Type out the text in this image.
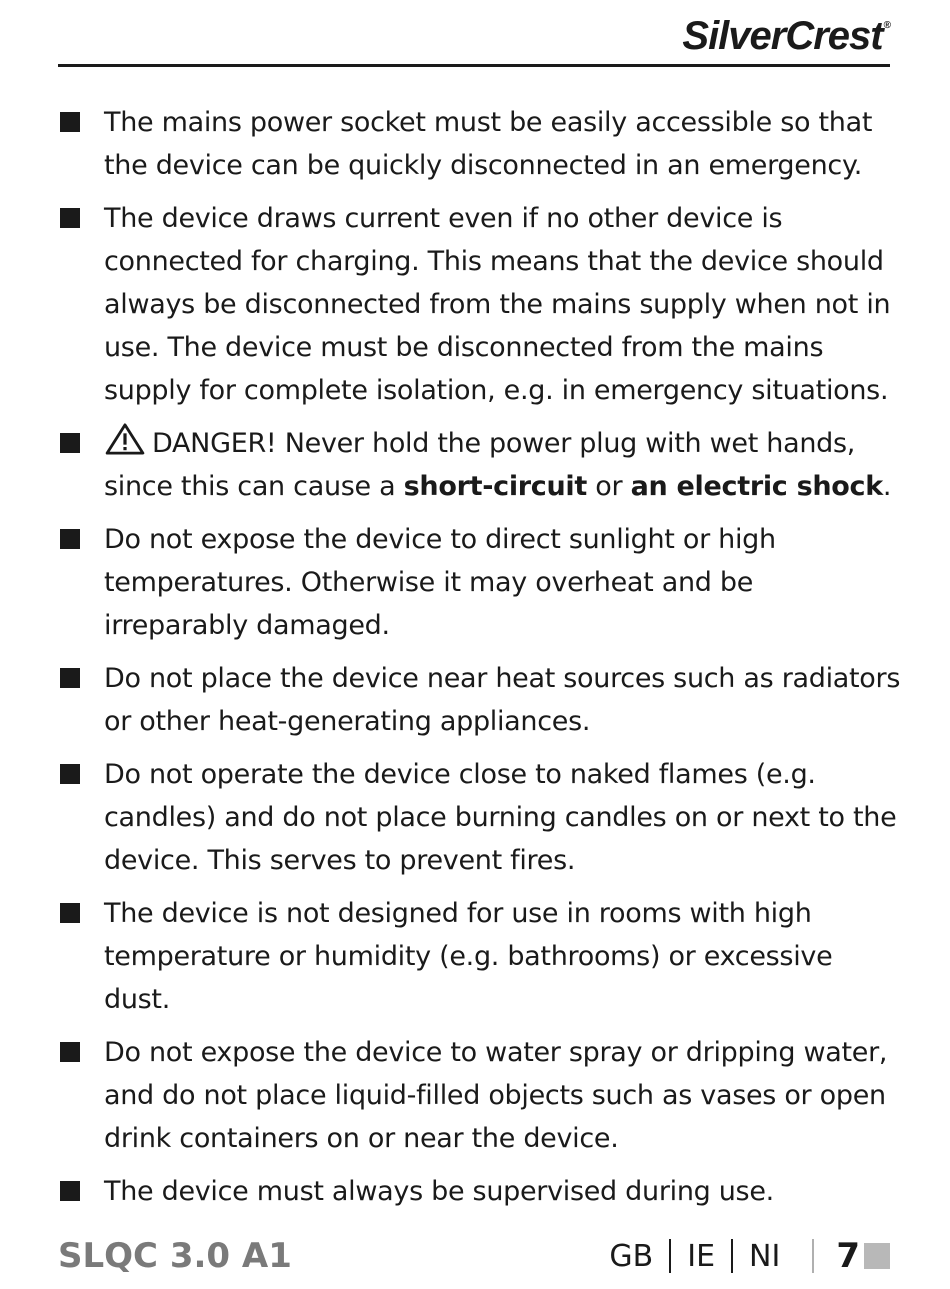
SilverCrest®
The mains power socket must be easily accessible so that the device can be quickly disconnected in an emergency.
The device draws current even if no other device is connected for charging. This means that the device should always be disconnected from the mains supply when not in use. The device must be disconnected from the mains supply for complete isolation, e.g. in emergency situations.
DANGER! Never hold the power plug with wet hands, since this can cause a short-circuit or an electric shock.
Do not expose the device to direct sunlight or high temperatures. Otherwise it may overheat and be irreparably damaged.
Do not place the device near heat sources such as radiators or other heat-generating appliances.
Do not operate the device close to naked flames (e.g. candles) and do not place burning candles on or next to the device. This serves to prevent fires.
The device is not designed for use in rooms with high temperature or humidity (e.g. bathrooms) or excessive dust.
Do not expose the device to water spray or dripping water, and do not place liquid-filled objects such as vases or open drink containers on or near the device.
The device must always be supervised during use.
SLQC 3.0 A1	GB IE NI 7
